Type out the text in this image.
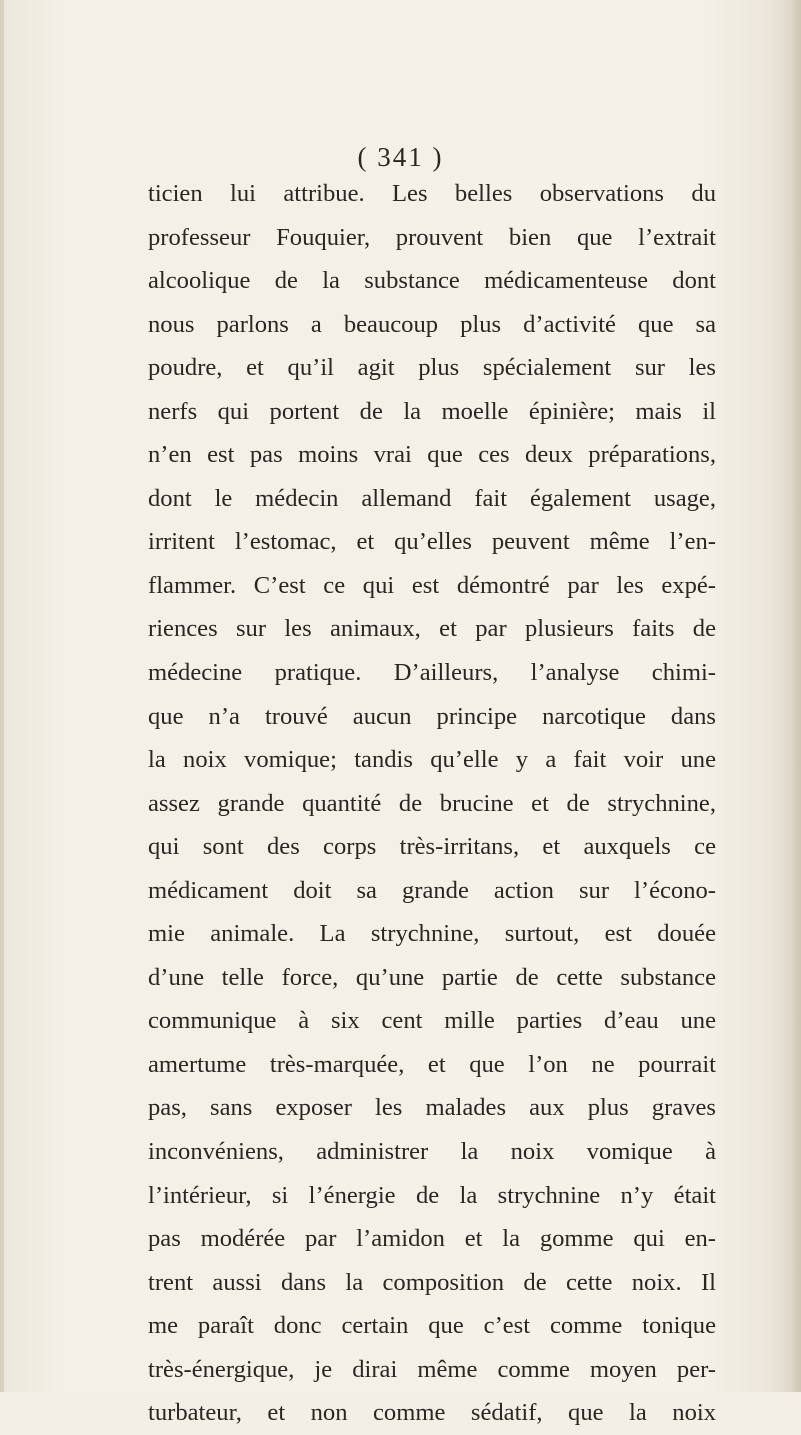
( 341 )
ticien lui attribue. Les belles observations du
professeur Fouquier, prouvent bien que l’extrait
alcoolique de la substance médicamenteuse dont
nous parlons a beaucoup plus d’activité que sa
poudre, et qu’il agit plus spécialement sur les
nerfs qui portent de la moelle épinière; mais il
n’en est pas moins vrai que ces deux préparations,
dont le médecin allemand fait également usage,
irritent l’estomac, et qu’elles peuvent même l’en-
flammer. C’est ce qui est démontré par les expé-
riences sur les animaux, et par plusieurs faits de
médecine pratique. D’ailleurs, l’analyse chimi-
que n’a trouvé aucun principe narcotique dans
la noix vomique; tandis qu’elle y a fait voir une
assez grande quantité de brucine et de strychnine,
qui sont des corps très-irritans, et auxquels ce
médicament doit sa grande action sur l’écono-
mie animale. La strychnine, surtout, est douée
d’une telle force, qu’une partie de cette substance
communique à six cent mille parties d’eau une
amertume très-marquée, et que l’on ne pourrait
pas, sans exposer les malades aux plus graves
inconvéniens, administrer la noix vomique à
l’intérieur, si l’énergie de la strychnine n’y était
pas modérée par l’amidon et la gomme qui en-
trent aussi dans la composition de cette noix. Il
me paraît donc certain que c’est comme tonique
très-énergique, je dirai même comme moyen per-
turbateur, et non comme sédatif, que la noix
